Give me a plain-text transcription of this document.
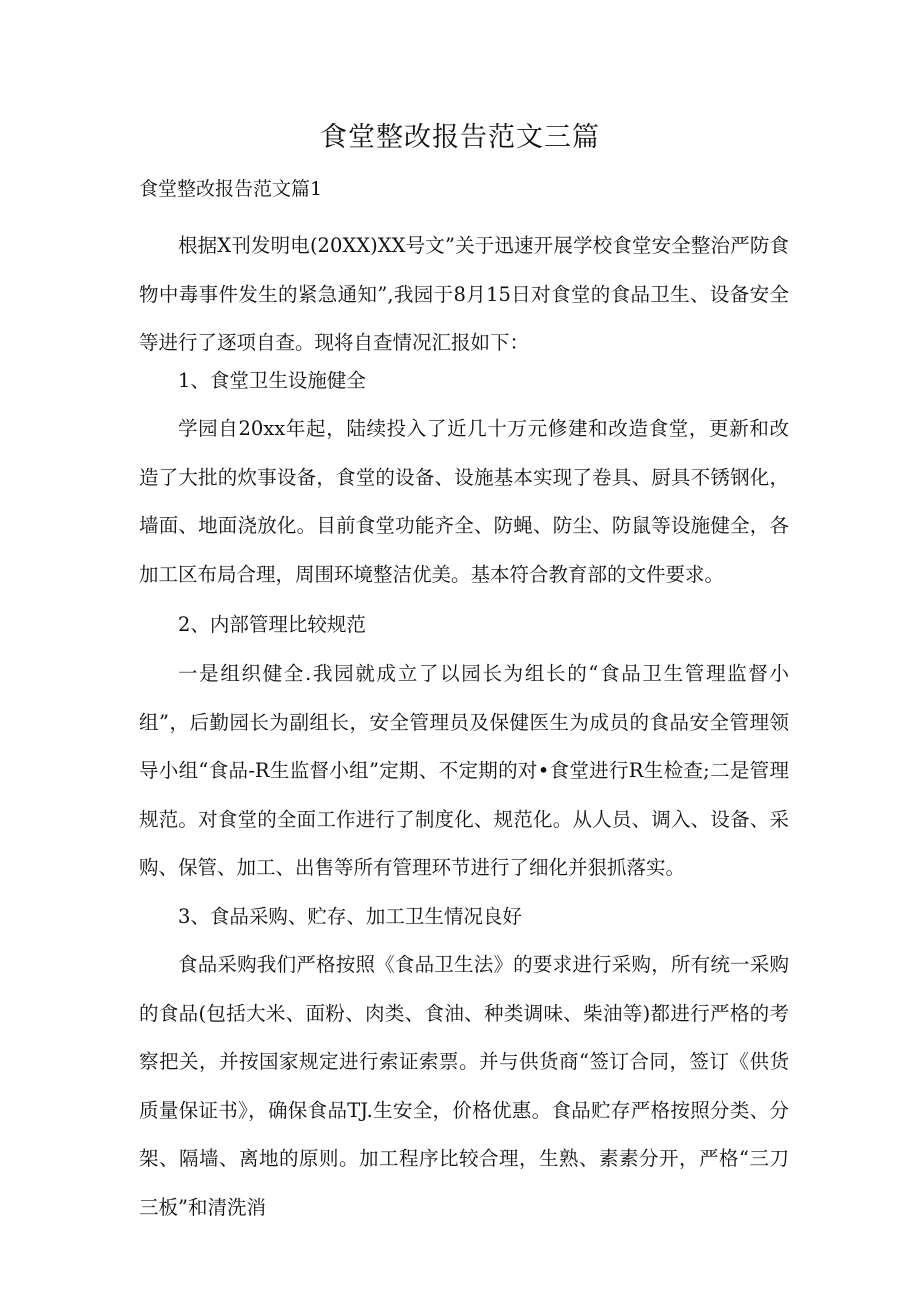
食堂整改报告范文三篇

食堂整改报告范文篇1

根据X刊发明电(20XX)XX号文”关于迅速开展学校食堂安全整治严防食物中毒事件发生的紧急通知”,我园于8月15日对食堂的食品卫生、设备安全等进行了逐项自查。现将自查情况汇报如下：

1、食堂卫生设施健全

学园自20xx年起，陆续投入了近几十万元修建和改造食堂，更新和改造了大批的炊事设备，食堂的设备、设施基本实现了卷具、厨具不锈钢化，墙面、地面浇放化。目前食堂功能齐全、防蝇、防尘、防鼠等设施健全，各加工区布局合理，周围环境整洁优美。基本符合教育部的文件要求。

2、内部管理比较规范

一是组织健全.我园就成立了以园长为组长的“食品卫生管理监督小组”，后勤园长为副组长，安全管理员及保健医生为成员的食品安全管理领导小组“食品-R生监督小组”定期、不定期的对•食堂进行R生检查;二是管理规范。对食堂的全面工作进行了制度化、规范化。从人员、调入、设备、采购、保管、加工、出售等所有管理环节进行了细化并狠抓落实。

3、食品采购、贮存、加工卫生情况良好

食品采购我们严格按照《食品卫生法》的要求进行采购，所有统一采购的食品(包括大米、面粉、肉类、食油、种类调味、柴油等)都进行严格的考察把关，并按国家规定进行索证索票。并与供货商“签订合同，签订《供货质量保证书》，确保食品TJ.生安全，价格优惠。食品贮存严格按照分类、分架、隔墙、离地的原则。加工程序比较合理，生熟、素素分开，严格“三刀三板”和清洗消
